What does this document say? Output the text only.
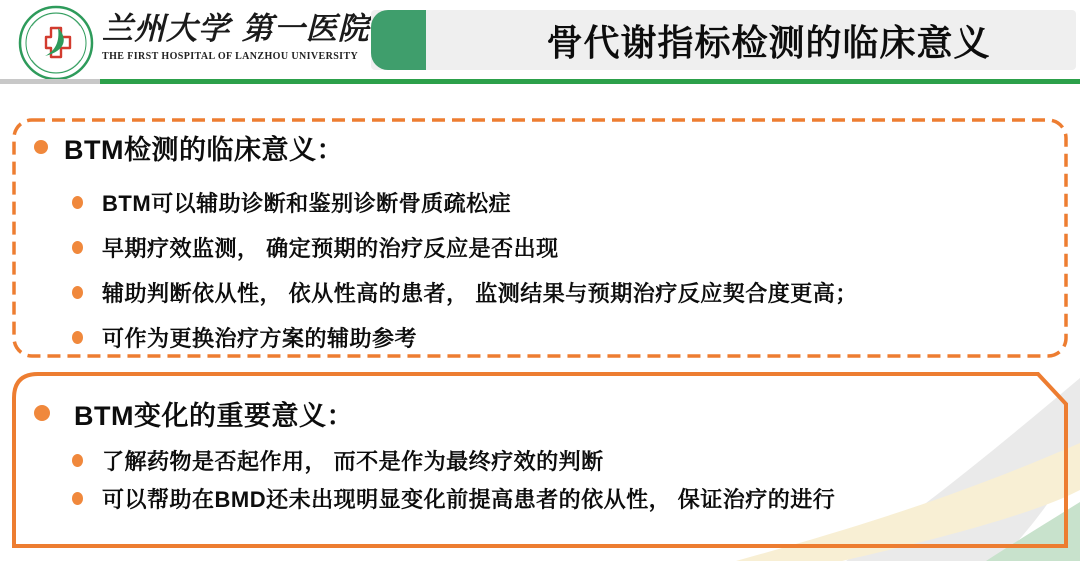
兰州大学 第一医院
THE FIRST HOSPITAL OF LANZHOU UNIVERSITY	骨代谢指标检测的临床意义
BTM检测的临床意义：
BTM可以辅助诊断和鉴别诊断骨质疏松症
早期疗效监测， 确定预期的治疗反应是否出现
辅助判断依从性， 依从性高的患者， 监测结果与预期治疗反应契合度更高；
可作为更换治疗方案的辅助参考
BTM变化的重要意义：
了解药物是否起作用， 而不是作为最终疗效的判断
可以帮助在BMD还未出现明显变化前提高患者的依从性， 保证治疗的进行
